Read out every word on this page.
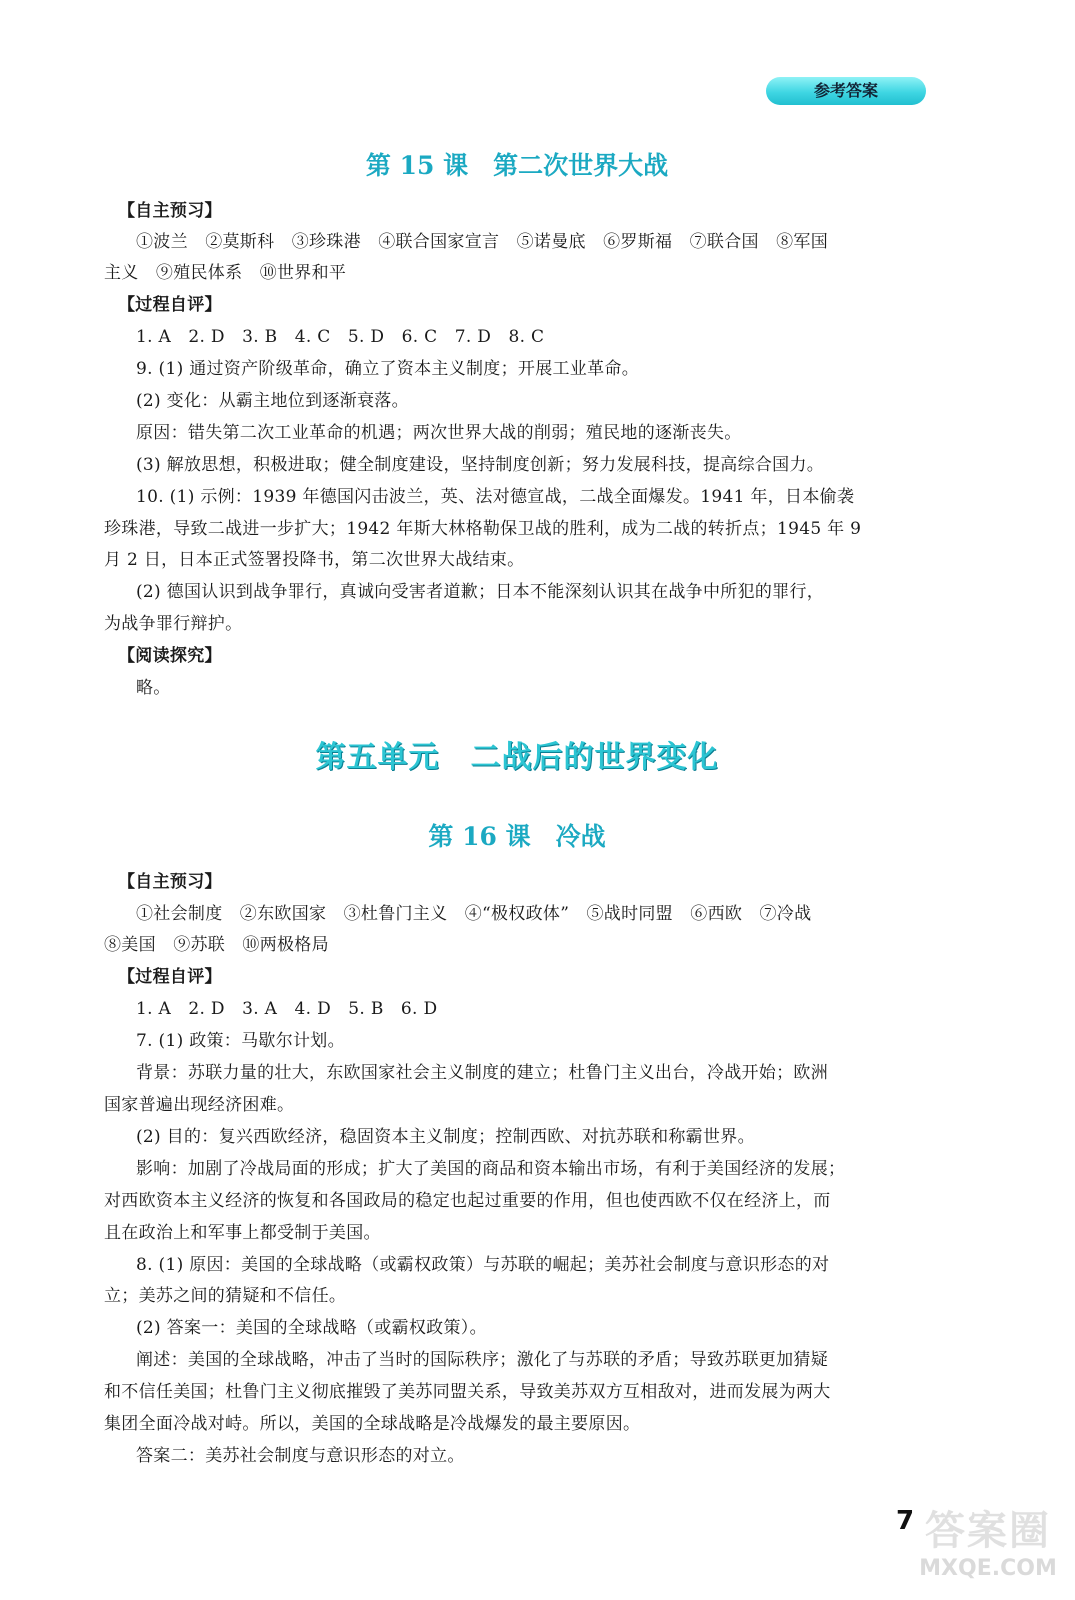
参考答案
第 15 课　第二次世界大战
【自主预习】
①波兰　②莫斯科　③珍珠港　④联合国家宣言　⑤诺曼底　⑥罗斯福　⑦联合国　⑧军国
主义　⑨殖民体系　⑩世界和平
【过程自评】
1. A　2. D　3. B　4. C　5. D　6. C　7. D　8. C
9. (1) 通过资产阶级革命，确立了资本主义制度；开展工业革命。
(2) 变化：从霸主地位到逐渐衰落。
原因：错失第二次工业革命的机遇；两次世界大战的削弱；殖民地的逐渐丧失。
(3) 解放思想，积极进取；健全制度建设，坚持制度创新；努力发展科技，提高综合国力。
10. (1) 示例：1939 年德国闪击波兰，英、法对德宣战，二战全面爆发。1941 年，日本偷袭
珍珠港，导致二战进一步扩大；1942 年斯大林格勒保卫战的胜利，成为二战的转折点；1945 年 9
月 2 日，日本正式签署投降书，第二次世界大战结束。
(2) 德国认识到战争罪行，真诚向受害者道歉；日本不能深刻认识其在战争中所犯的罪行，
为战争罪行辩护。
【阅读探究】
略。
第五单元　二战后的世界变化
第 16 课　冷战
【自主预习】
①社会制度　②东欧国家　③杜鲁门主义　④“极权政体”　⑤战时同盟　⑥西欧　⑦冷战
⑧美国　⑨苏联　⑩两极格局
【过程自评】
1. A　2. D　3. A　4. D　5. B　6. D
7. (1) 政策：马歇尔计划。
背景：苏联力量的壮大，东欧国家社会主义制度的建立；杜鲁门主义出台，冷战开始；欧洲
国家普遍出现经济困难。
(2) 目的：复兴西欧经济，稳固资本主义制度；控制西欧、对抗苏联和称霸世界。
影响：加剧了冷战局面的形成；扩大了美国的商品和资本输出市场，有利于美国经济的发展；
对西欧资本主义经济的恢复和各国政局的稳定也起过重要的作用，但也使西欧不仅在经济上，而
且在政治上和军事上都受制于美国。
8. (1) 原因：美国的全球战略（或霸权政策）与苏联的崛起；美苏社会制度与意识形态的对
立；美苏之间的猜疑和不信任。
(2) 答案一：美国的全球战略（或霸权政策）。
阐述：美国的全球战略，冲击了当时的国际秩序；激化了与苏联的矛盾；导致苏联更加猜疑
和不信任美国；杜鲁门主义彻底摧毁了美苏同盟关系，导致美苏双方互相敌对，进而发展为两大
集团全面冷战对峙。所以，美国的全球战略是冷战爆发的最主要原因。
答案二：美苏社会制度与意识形态的对立。
7 答案圈
MXQE.COM
